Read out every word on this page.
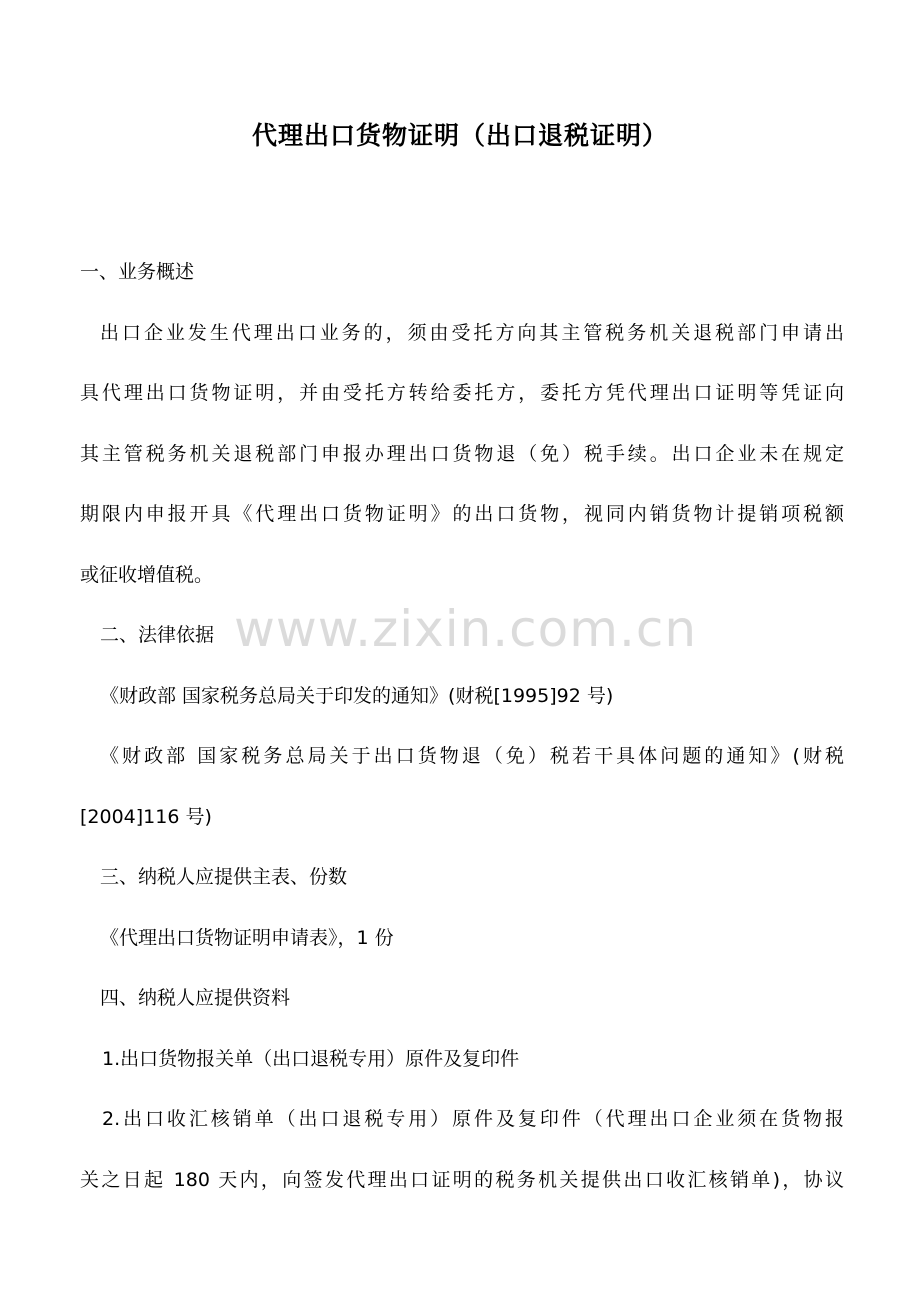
代理出口货物证明（出口退税证明）
一、业务概述
出口企业发生代理出口业务的，须由受托方向其主管税务机关退税部门申请出
具代理出口货物证明，并由受托方转给委托方，委托方凭代理出口证明等凭证向
其主管税务机关退税部门申报办理出口货物退（免）税手续。出口企业未在规定
期限内申报开具《代理出口货物证明》的出口货物，视同内销货物计提销项税额
或征收增值税。
二、法律依据
《财政部 国家税务总局关于印发的通知》(财税[1995]92 号)
《财政部 国家税务总局关于出口货物退（免）税若干具体问题的通知》(财税
[2004]116 号)
三、纳税人应提供主表、份数
《代理出口货物证明申请表》，1 份
四、纳税人应提供资料
1.出口货物报关单（出口退税专用）原件及复印件
2.出口收汇核销单（出口退税专用）原件及复印件（代理出口企业须在货物报
关之日起 180 天内，向签发代理出口证明的税务机关提供出口收汇核销单)，协议
www.zixin.com.cn
